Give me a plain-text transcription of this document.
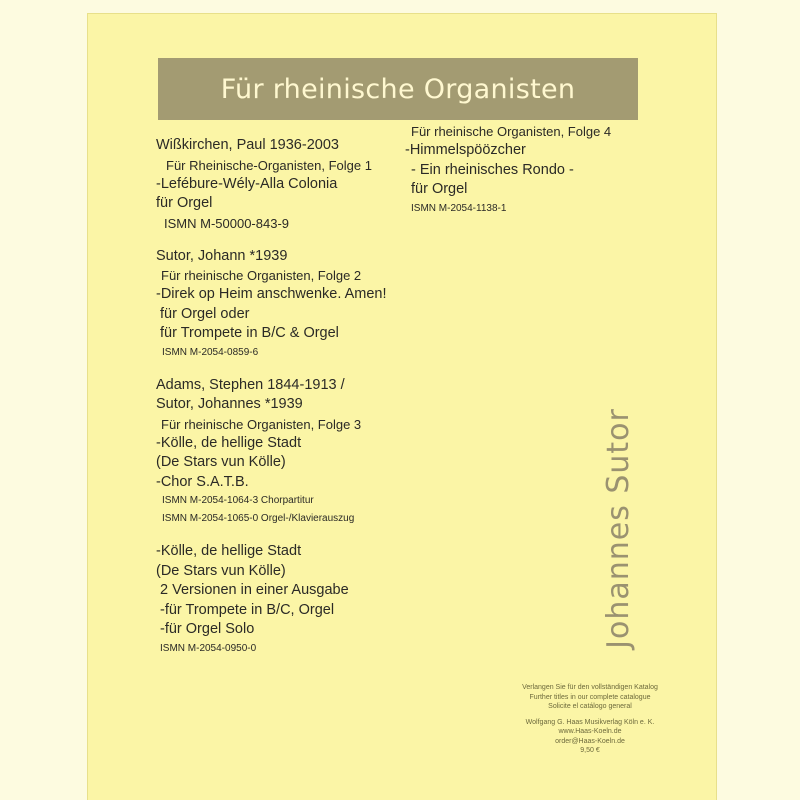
Für rheinische Organisten
Wißkirchen, Paul 1936-2003
Für Rheinische-Organisten, Folge 1
-Lefébure-Wély-Alla Colonia
für Orgel
ISMN M-50000-843-9
Sutor, Johann *1939
Für rheinische Organisten, Folge 2
-Direk op Heim anschwenke. Amen!
für Orgel oder
für Trompete in B/C & Orgel
ISMN M-2054-0859-6
Adams, Stephen 1844-1913 /
Sutor, Johannes *1939
Für rheinische Organisten, Folge 3
-Kölle, de hellige Stadt
(De Stars vun Kölle)
-Chor S.A.T.B.
ISMN M-2054-1064-3 Chorpartitur
ISMN M-2054-1065-0 Orgel-/Klavierauszug
-Kölle, de hellige Stadt
(De Stars vun Kölle)
2 Versionen in einer Ausgabe
-für Trompete in B/C, Orgel
-für Orgel Solo
ISMN M-2054-0950-0
Für rheinische Organisten, Folge 4
-Himmelspöözcher
- Ein rheinisches Rondo -
für Orgel
ISMN M-2054-1138-1
Johannes Sutor
Verlangen Sie für den vollständigen Katalog
Further titles in our complete catalogue
Solicite el catálogo general
Wolfgang G. Haas Musikverlag Köln e. K.
www.Haas-Koeln.de
order@Haas-Koeln.de
9,50 €
